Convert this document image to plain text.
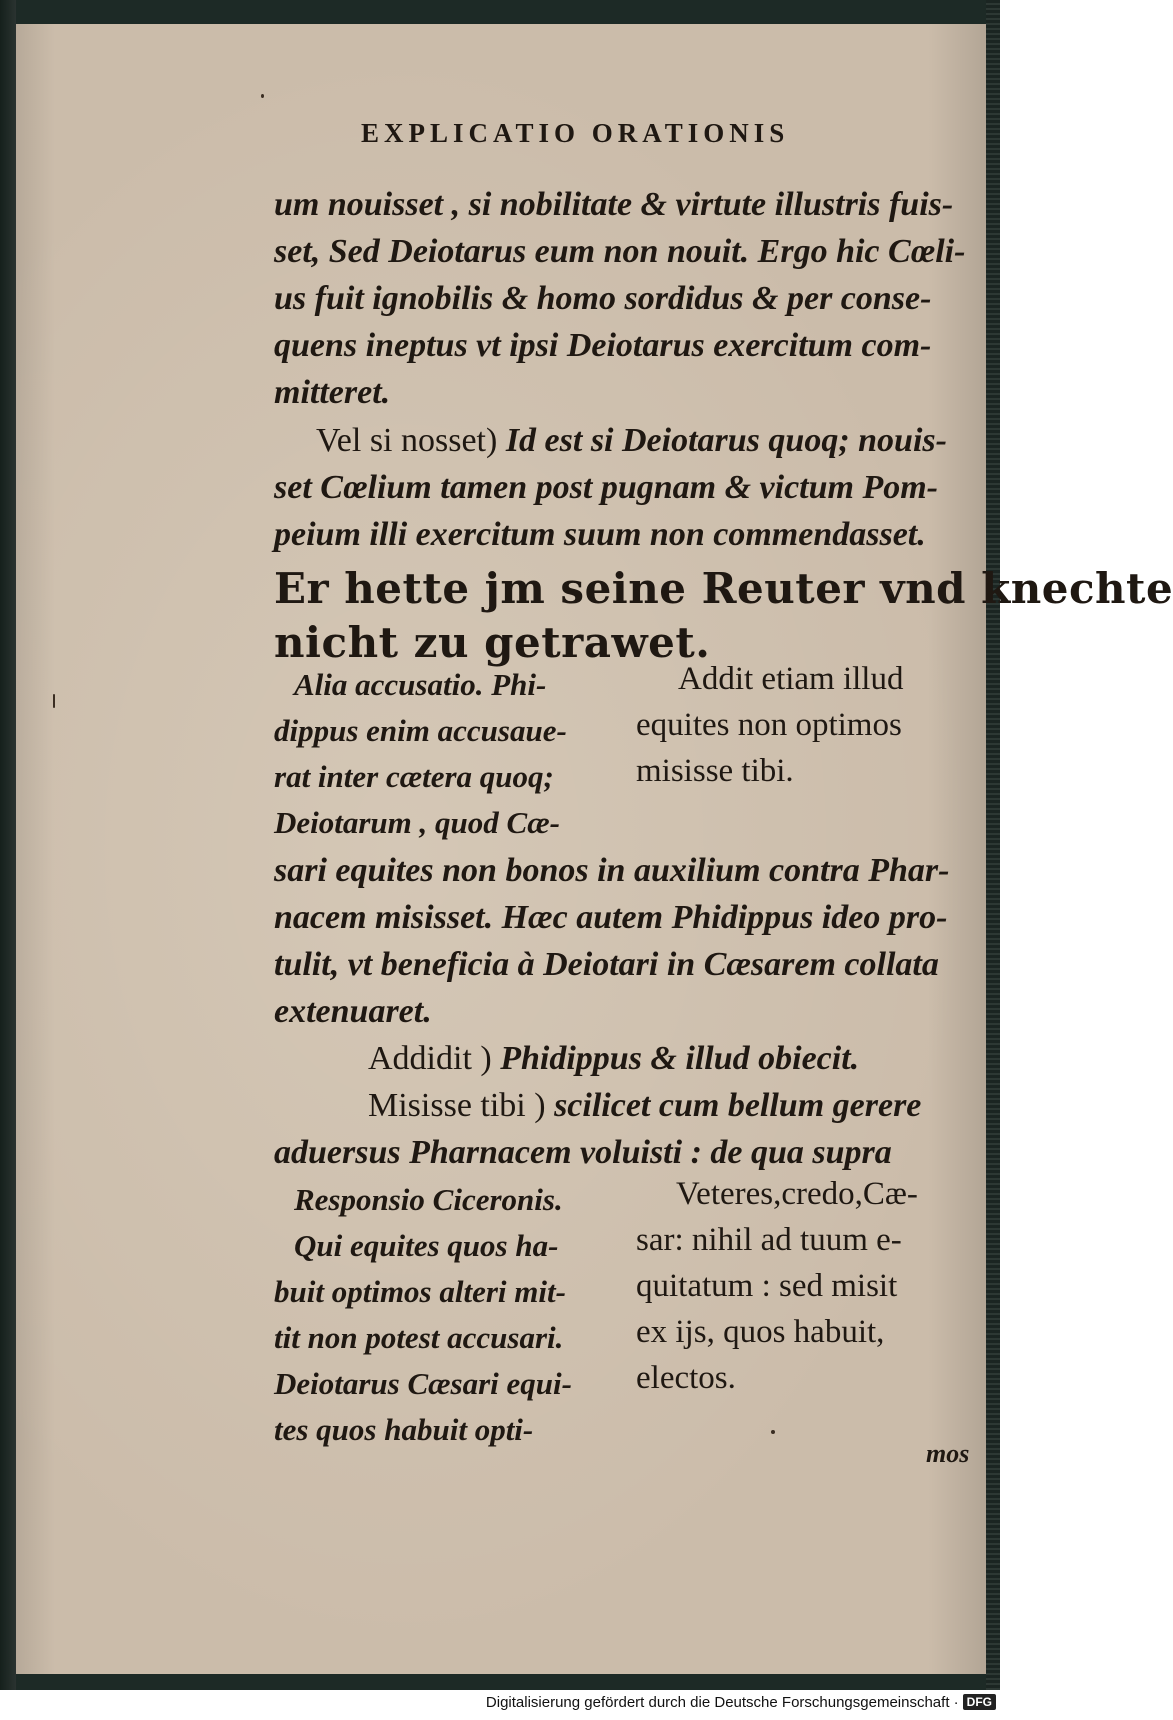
EXPLICATIO ORATIONIS
um nouisset , si nobilitate & virtute illustris fuis-
set, Sed Deiotarus eum non nouit. Ergo hic Cœli-
us fuit ignobilis & homo sordidus & per conse-
quens ineptus vt ipsi Deiotarus exercitum com-
mitteret.
Vel si nosset) Id est si Deiotarus quoq; nouis-
set Cœlium tamen post pugnam & victum Pom-
peium illi exercitum suum non commendasset.
Er hette jm seine Reuter vnd knechte
nicht zu getrawet.
Alia accusatio. Phi-
dippus enim accusaue-
rat inter cætera quoq;
Deiotarum , quod Cæ-
Addit etiam illud
equites non optimos
misisse tibi.
sari equites non bonos in auxilium contra Phar-
nacem misisset. Hæc autem Phidippus ideo pro-
tulit, vt beneficia à Deiotari in Cæsarem collata
extenuaret.
Addidit ) Phidippus & illud obiecit.
Misisse tibi ) scilicet cum bellum gerere
aduersus Pharnacem voluisti : de qua supra
Responsio Ciceronis.
Qui equites quos ha-
buit optimos alteri mit-
tit non potest accusari.
Deiotarus Cæsari equi-
tes quos habuit opti-
Veteres,credo,Cæ-
sar: nihil ad tuum e-
quitatum : sed misit
ex ijs, quos habuit,
electos.
mos
Digitalisierung gefördert durch die Deutsche Forschungsgemeinschaft · DFG
